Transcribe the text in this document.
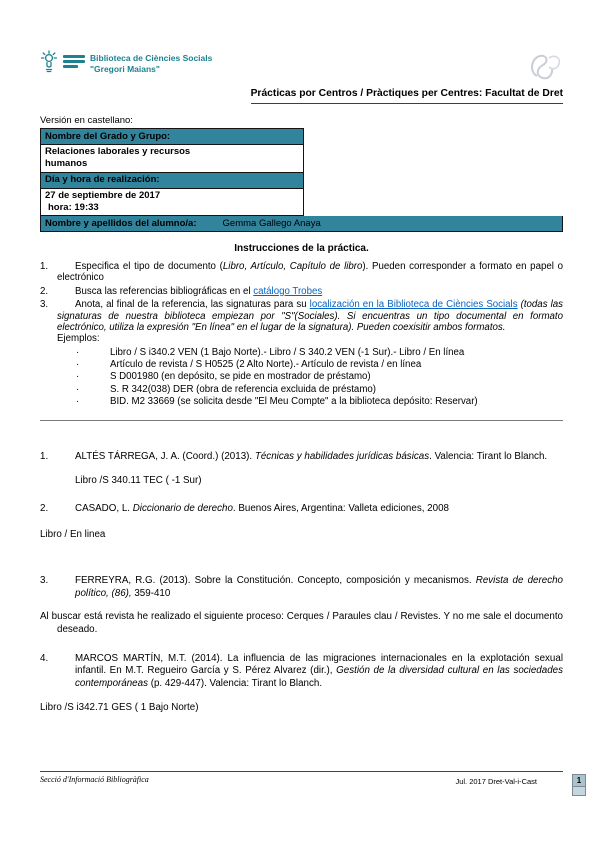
Biblioteca de Ciències Socials
"Gregori Maians"
Prácticas por Centros / Pràctiques per Centres: Facultat de Dret
Versión en castellano:
Nombre del Grado y Grupo:
Relaciones laborales y recursos
humanos
Día y hora de realización:
27 de septiembre de 2017
hora: 19:33
Nombre y apellidos del alumno/a:	Gemma Gallego Anaya
Instrucciones de la práctica.
1.	Especifica el tipo de documento (Libro, Artículo, Capítulo de libro). Pueden corresponder a formato en papel o electrónico
2.	Busca las referencias bibliográficas en el catálogo Trobes
3.	Anota, al final de la referencia, las signaturas para su localización en la Biblioteca de Ciències Socials (todas las signaturas de nuestra biblioteca empiezan por "S"(Sociales). Si encuentras un tipo documental en formato electrónico, utiliza la expresión "En línea" en el lugar de la signatura). Pueden coexisitir ambos formatos.
Ejemplos:
·	Libro / S i340.2 VEN (1 Bajo Norte).- Libro / S 340.2 VEN (-1 Sur).- Libro / En línea
·	Artículo de revista / S H0525 (2 Alto Norte).- Artículo de revista / en línea
·	S D001980 (en depósito, se pide en mostrador de préstamo)
·	S. R 342(038) DER (obra de referencia excluida de préstamo)
·	BID. M2 33669 (se solicita desde "El Meu Compte" a la biblioteca depósito: Reservar)
1.	ALTÉS TÁRREGA, J. A. (Coord.) (2013). Técnicas y habilidades jurídicas básicas. Valencia: Tirant lo Blanch.
Libro /S 340.11 TEC ( -1 Sur)
2.	CASADO, L. Diccionario de derecho. Buenos Aires, Argentina: Valleta ediciones, 2008
Libro / En linea
3.	FERREYRA, R.G. (2013). Sobre la Constitución. Concepto, composición y mecanismos. Revista de derecho político, (86), 359-410
Al buscar está revista he realizado el siguiente proceso: Cerques / Paraules clau / Revistes. Y no me sale el documento deseado.
4.	MARCOS MARTÍN, M.T. (2014). La influencia de las migraciones internacionales en la explotación sexual infantil. En M.T. Regueiro García y S. Pérez Alvarez (dir.), Gestión de la diversidad cultural en las sociedades contemporáneas (p. 429-447). Valencia: Tirant lo Blanch.
Libro /S i342.71 GES ( 1 Bajo Norte)
Secció d'Informació Bibliogràfica	Jul. 2017 Dret-Val-i-Cast	1
